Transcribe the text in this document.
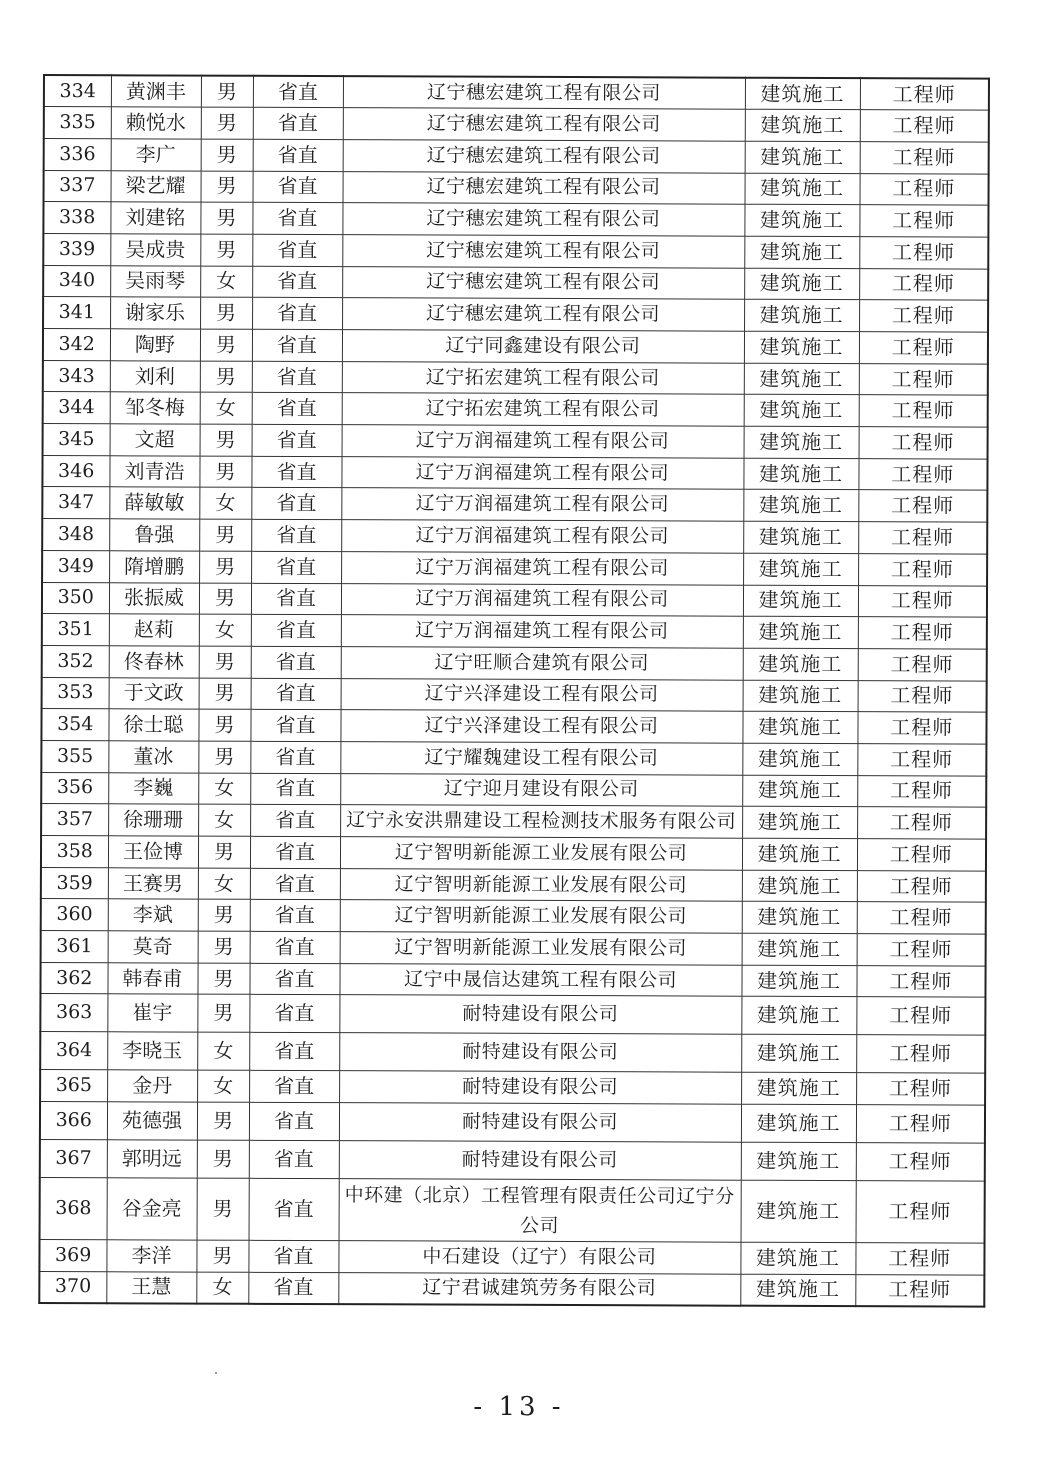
334	黄渊丰	男	省直	辽宁穗宏建筑工程有限公司	建筑施工	工程师
335	赖悦水	男	省直	辽宁穗宏建筑工程有限公司	建筑施工	工程师
336	李广	男	省直	辽宁穗宏建筑工程有限公司	建筑施工	工程师
337	梁艺耀	男	省直	辽宁穗宏建筑工程有限公司	建筑施工	工程师
338	刘建铭	男	省直	辽宁穗宏建筑工程有限公司	建筑施工	工程师
339	吴成贵	男	省直	辽宁穗宏建筑工程有限公司	建筑施工	工程师
340	吴雨琴	女	省直	辽宁穗宏建筑工程有限公司	建筑施工	工程师
341	谢家乐	男	省直	辽宁穗宏建筑工程有限公司	建筑施工	工程师
342	陶野	男	省直	辽宁同鑫建设有限公司	建筑施工	工程师
343	刘利	男	省直	辽宁拓宏建筑工程有限公司	建筑施工	工程师
344	邹冬梅	女	省直	辽宁拓宏建筑工程有限公司	建筑施工	工程师
345	文超	男	省直	辽宁万润福建筑工程有限公司	建筑施工	工程师
346	刘青浩	男	省直	辽宁万润福建筑工程有限公司	建筑施工	工程师
347	薛敏敏	女	省直	辽宁万润福建筑工程有限公司	建筑施工	工程师
348	鲁强	男	省直	辽宁万润福建筑工程有限公司	建筑施工	工程师
349	隋增鹏	男	省直	辽宁万润福建筑工程有限公司	建筑施工	工程师
350	张振威	男	省直	辽宁万润福建筑工程有限公司	建筑施工	工程师
351	赵莉	女	省直	辽宁万润福建筑工程有限公司	建筑施工	工程师
352	佟春林	男	省直	辽宁旺顺合建筑有限公司	建筑施工	工程师
353	于文政	男	省直	辽宁兴泽建设工程有限公司	建筑施工	工程师
354	徐士聪	男	省直	辽宁兴泽建设工程有限公司	建筑施工	工程师
355	董冰	男	省直	辽宁耀魏建设工程有限公司	建筑施工	工程师
356	李巍	女	省直	辽宁迎月建设有限公司	建筑施工	工程师
357	徐珊珊	女	省直	辽宁永安洪鼎建设工程检测技术服务有限公司	建筑施工	工程师
358	王俭博	男	省直	辽宁智明新能源工业发展有限公司	建筑施工	工程师
359	王赛男	女	省直	辽宁智明新能源工业发展有限公司	建筑施工	工程师
360	李斌	男	省直	辽宁智明新能源工业发展有限公司	建筑施工	工程师
361	莫奇	男	省直	辽宁智明新能源工业发展有限公司	建筑施工	工程师
362	韩春甫	男	省直	辽宁中晟信达建筑工程有限公司	建筑施工	工程师
363	崔宇	男	省直	耐特建设有限公司	建筑施工	工程师
364	李晓玉	女	省直	耐特建设有限公司	建筑施工	工程师
365	金丹	女	省直	耐特建设有限公司	建筑施工	工程师
366	苑德强	男	省直	耐特建设有限公司	建筑施工	工程师
367	郭明远	男	省直	耐特建设有限公司	建筑施工	工程师
368	谷金亮	男	省直	中环建（北京）工程管理有限责任公司辽宁分公司	建筑施工	工程师
369	李洋	男	省直	中石建设（辽宁）有限公司	建筑施工	工程师
370	王慧	女	省直	辽宁君诚建筑劳务有限公司	建筑施工	工程师
- 13 -
